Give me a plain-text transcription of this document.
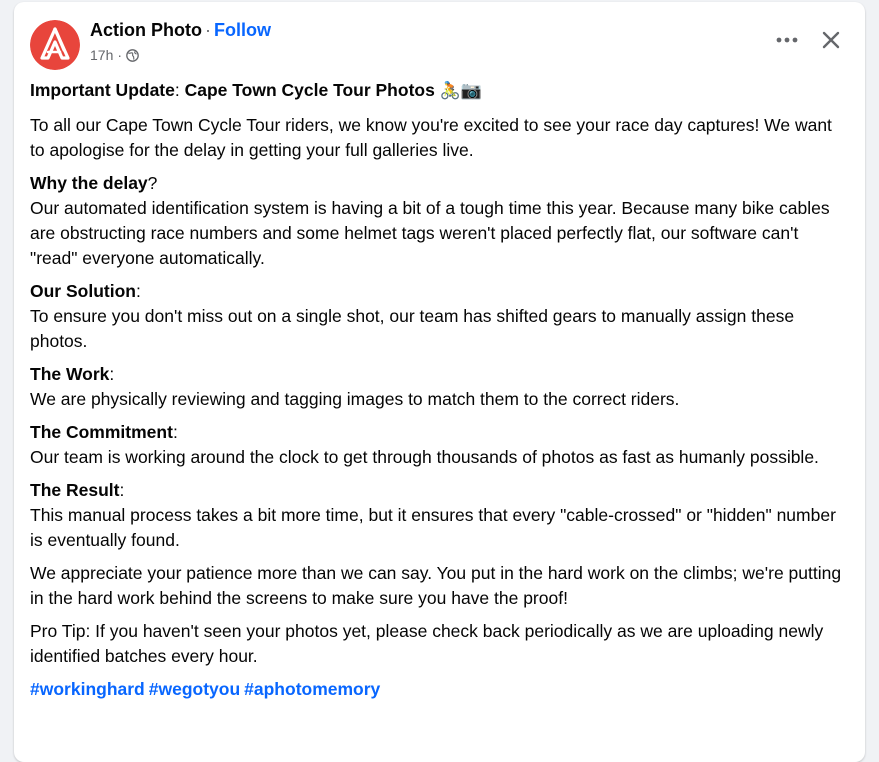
Action Photo · Follow
17h ·
Important Update: Cape Town Cycle Tour Photos 🚴📷
To all our Cape Town Cycle Tour riders, we know you're excited to see your race day captures! We want to apologise for the delay in getting your full galleries live.
Why the delay?
Our automated identification system is having a bit of a tough time this year. Because many bike cables are obstructing race numbers and some helmet tags weren't placed perfectly flat, our software can't "read" everyone automatically.
Our Solution:
To ensure you don't miss out on a single shot, our team has shifted gears to manually assign these photos.
The Work:
We are physically reviewing and tagging images to match them to the correct riders.
The Commitment:
Our team is working around the clock to get through thousands of photos as fast as humanly possible.
The Result:
This manual process takes a bit more time, but it ensures that every "cable-crossed" or "hidden" number is eventually found.
We appreciate your patience more than we can say. You put in the hard work on the climbs; we're putting in the hard work behind the screens to make sure you have the proof!
Pro Tip: If you haven't seen your photos yet, please check back periodically as we are uploading newly identified batches every hour.
#workinghard #wegotyou #aphotomemory
